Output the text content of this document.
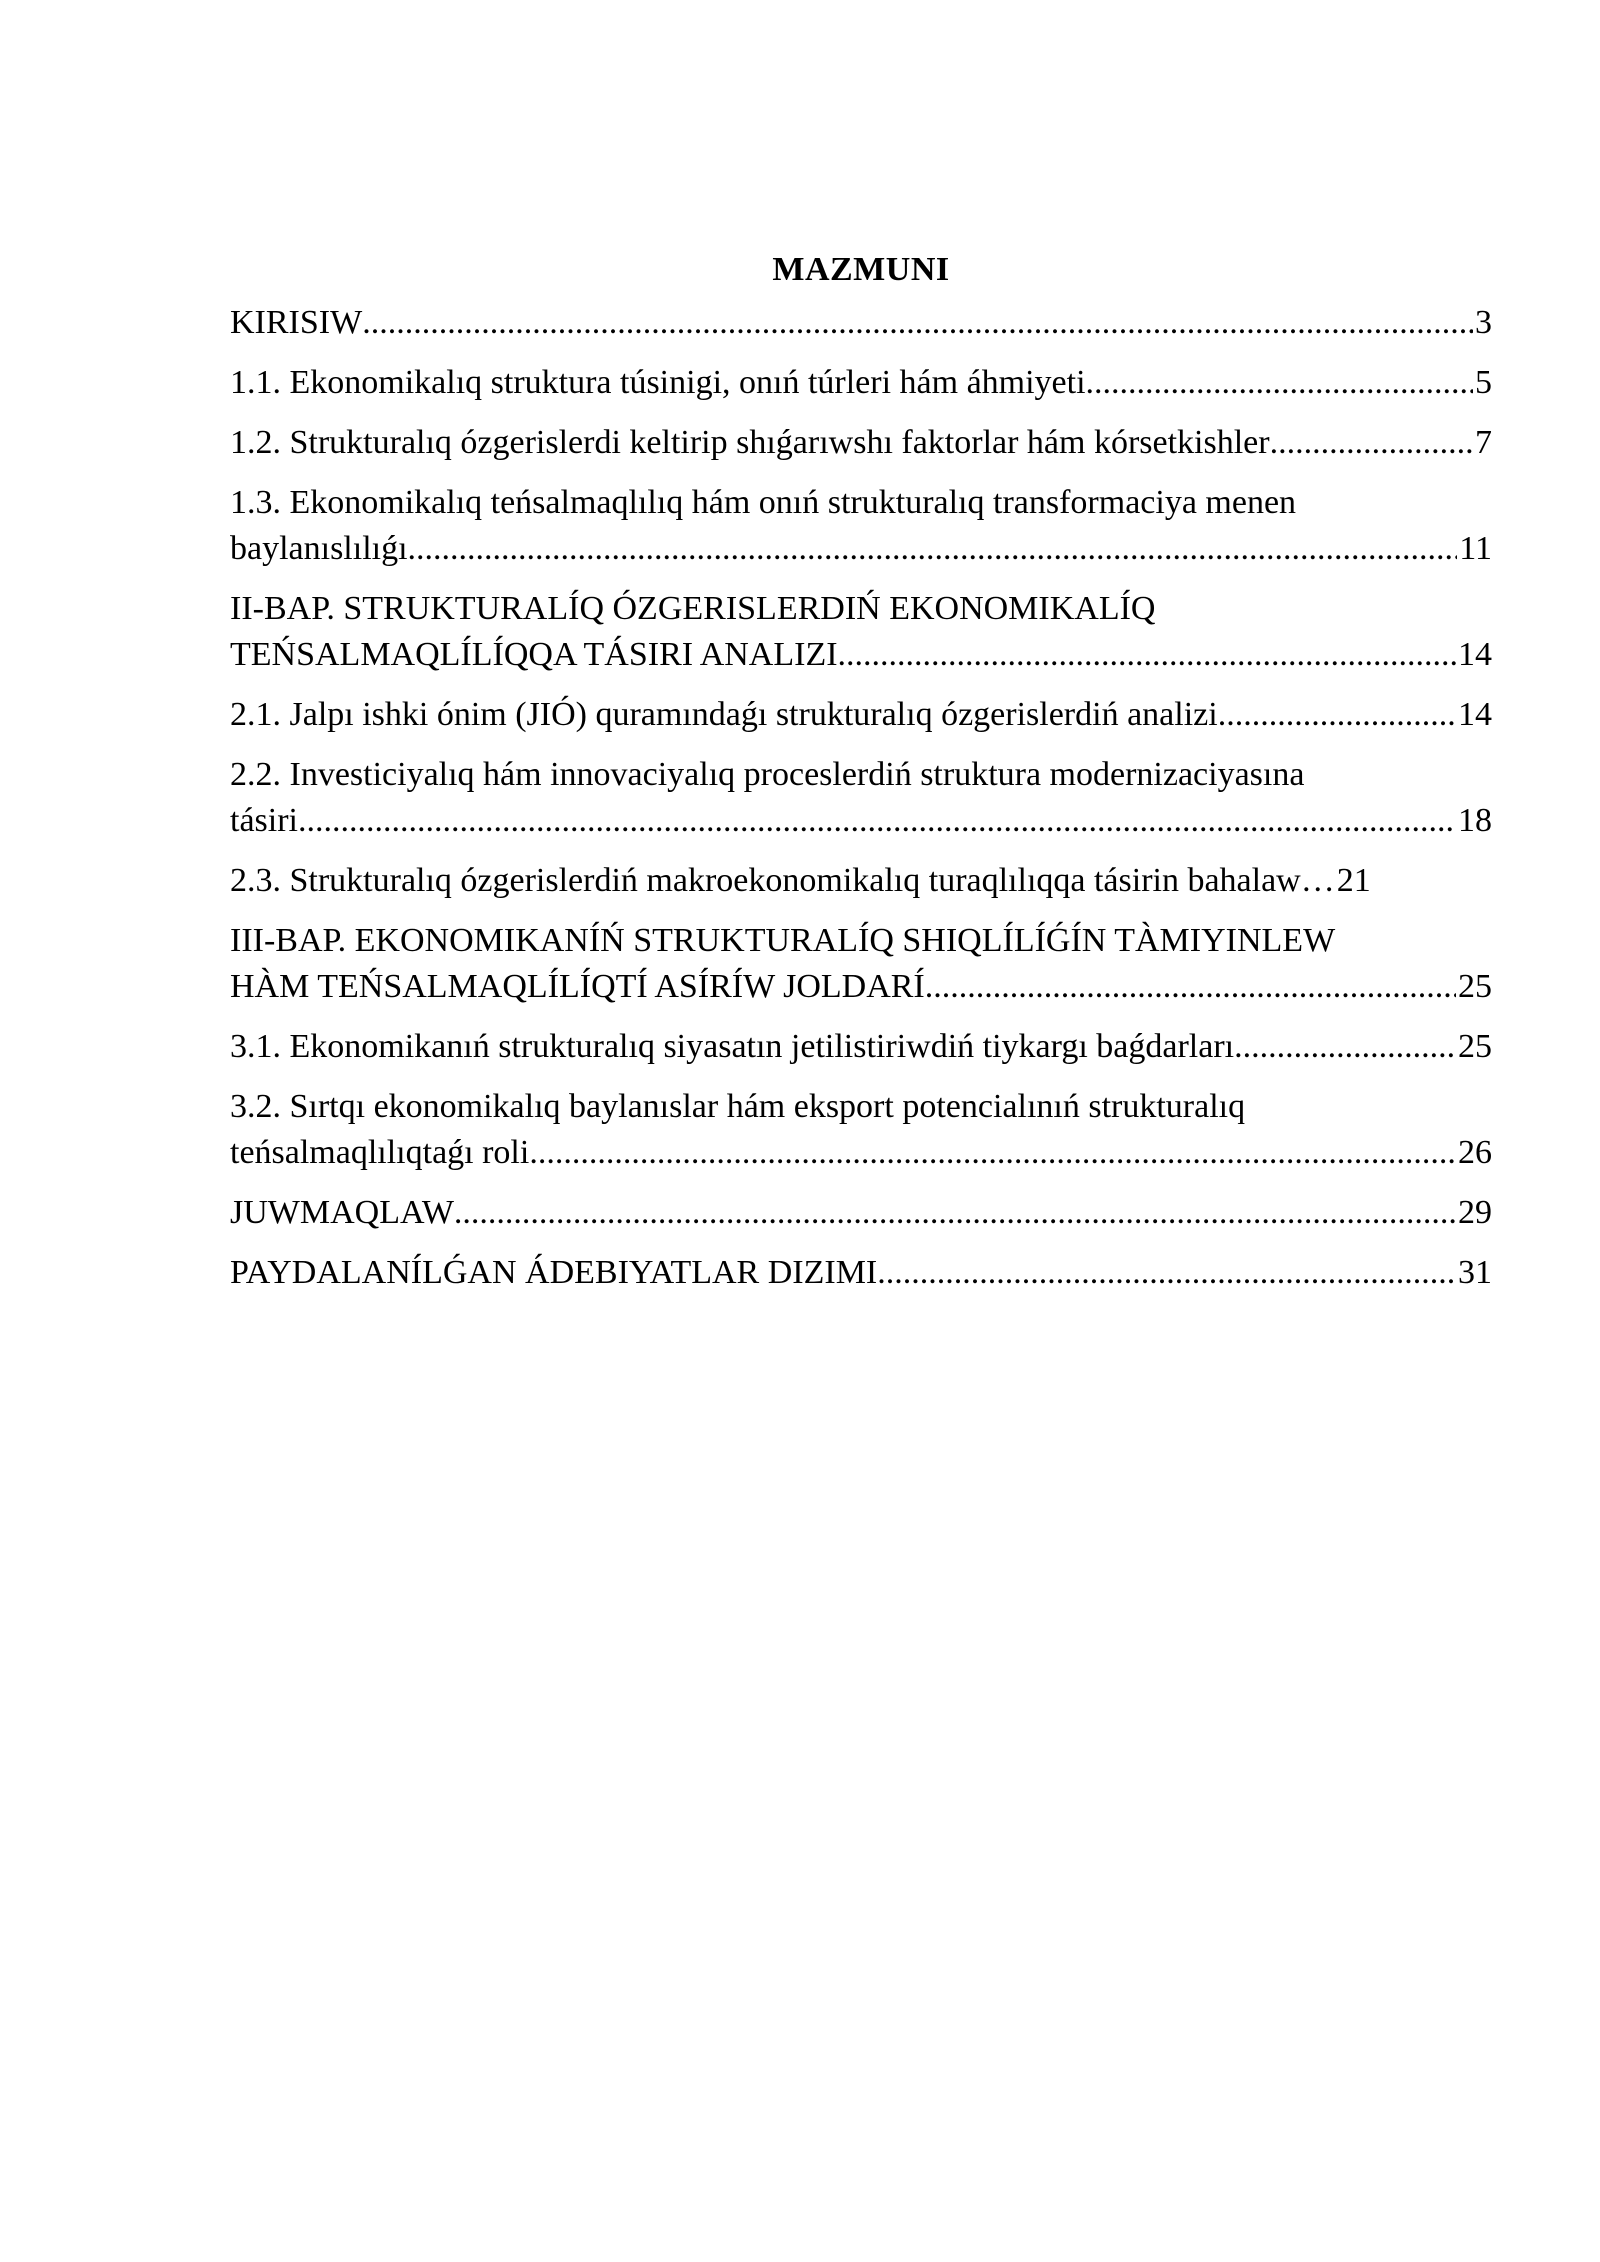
MAZMUNI
KIRISIW .....	3
1.1. Ekonomikalıq struktura túsinigi, onıń túrleri hám áhmiyeti .....	5
1.2. Strukturalıq ózgerislerdi keltirip shıǵarıwshı faktorlar hám kórsetkishler .....	7
1.3. Ekonomikalıq teńsalmaqlılıq hám onıń strukturalıq transformaciya menen
baylanıslılıǵı .....	11
II-BAP. STRUKTURALÍQ ÓZGERISLERDIŃ EKONOMIKALÍQ
TEŃSALMAQLÍLÍQQA TÁSIRI ANALIZI .....	14
2.1. Jalpı ishki ónim (JIÓ) quramındaǵı strukturalıq ózgerislerdiń analizi .....	14
2.2. Investiciyalıq hám innovaciyalıq proceslerdiń struktura modernizaciyasına
tásiri .....	18
2.3. Strukturalıq ózgerislerdiń makroekonomikalıq turaqlılıqqa tásirin bahalaw… 21
III-BAP. EKONOMIKANÍŃ STRUKTURALÍQ SHIQLÍLÍǴÍN TÀMIYINLEW
HÀM TEŃSALMAQLÍLÍQTÍ ASÍRÍW JOLDARÍ .....	25
3.1. Ekonomikanıń strukturalıq siyasatın jetilistiriwdiń tiykargı baǵdarları .....	25
3.2. Sırtqı ekonomikalıq baylanıslar hám eksport potencialınıń strukturalıq
teńsalmaqlılıqtaǵı roli .....	26
JUWMAQLAW .....	29
PAYDALANÍLǴAN ÁDEBIYATLAR DIZIMI .....	31
